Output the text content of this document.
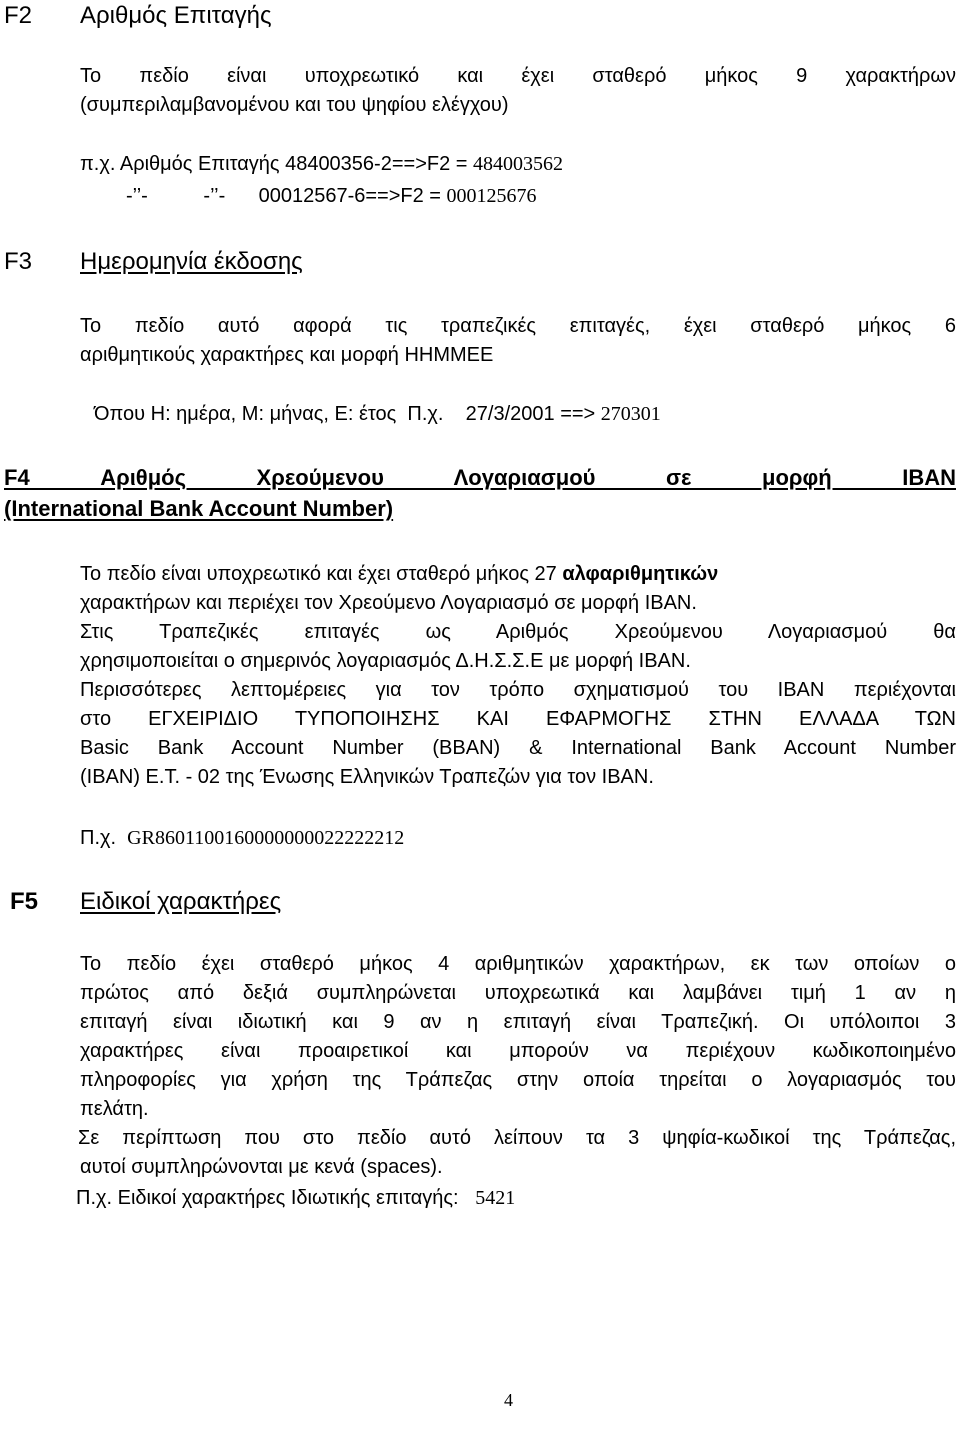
F2 Αριθμός Επιταγής
Το πεδίο είναι υποχρεωτικό και έχει σταθερό μήκος 9 χαρακτήρων
(συμπεριλαμβανομένου και του ψηφίου ελέγχου)
π.χ. Αριθμός Επιταγής 48400356-2==>F2 = 484003562
-’’-          -’’-      00012567-6==>F2 = 000125676
F3 Ημερομηνία έκδοσης
Το πεδίο αυτό αφορά τις τραπεζικές επιταγές, έχει σταθερό μήκος 6
αριθμητικούς χαρακτήρες και μορφή ΗΗΜΜΕΕ
Όπου Η: ημέρα, Μ: μήνας, Ε: έτος  Π.χ.    27/3/2001 ==> 270301
F4 Αριθμός Χρεούμενου Λογαριασμού σε μορφή ΙΒΑΝ
(International Bank Account Number)
Το πεδίο είναι υποχρεωτικό και έχει σταθερό μήκος 27 αλφαριθμητικών
χαρακτήρων και περιέχει τον Χρεούμενο Λογαριασμό σε μορφή ΙΒΑΝ.
Στις Τραπεζικές επιταγές ως Αριθμός Χρεούμενου Λογαριασμού θα
χρησιμοποιείται ο σημερινός λογαριασμός Δ.Η.Σ.Σ.Ε με μορφή ΙΒΑΝ.
Περισσότερες λεπτομέρειες για τον τρόπο σχηματισμού του ΙΒΑΝ περιέχονται
στο ΕΓΧΕΙΡΙΔΙΟ ΤΥΠΟΠΟΙΗΣΗΣ ΚΑΙ ΕΦΑΡΜΟΓΗΣ ΣΤΗΝ ΕΛΛΑΔΑ ΤΩΝ
Basic Bank Account Number (BBAN) & International Bank Account Number
(IBAN) Ε.Τ. - 02 της Ένωσης Ελληνικών Τραπεζών για τον ΙΒΑΝ.
Π.χ.  GR8601100160000000022222212
F5 Ειδικοί χαρακτήρες
Το πεδίο έχει σταθερό μήκος 4 αριθμητικών χαρακτήρων, εκ των οποίων ο
πρώτος από δεξιά συμπληρώνεται υποχρεωτικά και λαμβάνει τιμή 1 αν η
επιταγή είναι ιδιωτική και 9 αν η επιταγή είναι Τραπεζική. Οι υπόλοιποι 3
χαρακτήρες είναι προαιρετικοί και μπορούν να περιέχουν κωδικοποιημένο
πληροφορίες για χρήση της Τράπεζας στην οποία τηρείται ο λογαριασμός του
πελάτη.
Σε περίπτωση που στο πεδίο αυτό λείπουν τα 3 ψηφία-κωδικοί της Τράπεζας,
αυτοί συμπληρώνονται με κενά (spaces).
Π.χ. Ειδικοί χαρακτήρες Ιδιωτικής επιταγής:   5421
4
